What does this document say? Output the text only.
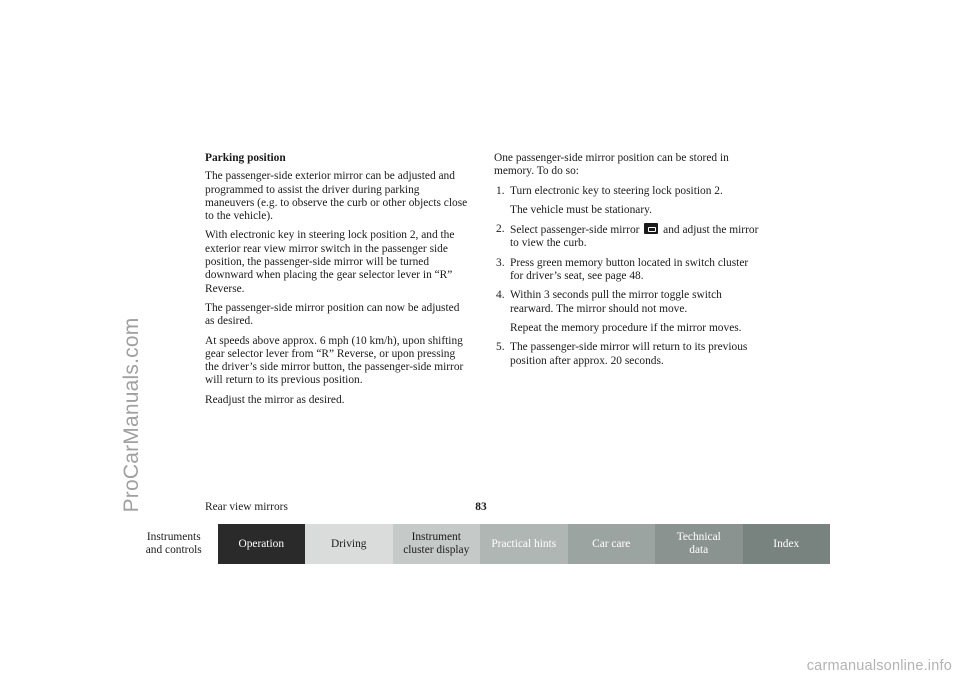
ProCarManuals.com

Parking position

The passenger-side exterior mirror can be adjusted and programmed to assist the driver during parking maneuvers (e.g. to observe the curb or other objects close to the vehicle).

With electronic key in steering lock position 2, and the exterior rear view mirror switch in the passenger side position, the passenger-side mirror will be turned downward when placing the gear selector lever in “R” Reverse.

The passenger-side mirror position can now be adjusted as desired.

At speeds above approx. 6 mph (10 km/h), upon shifting gear selector lever from “R” Reverse, or upon pressing the driver’s side mirror button, the passenger-side mirror will return to its previous position.

Readjust the mirror as desired.

One passenger-side mirror position can be stored in memory. To do so:

1. Turn electronic key to steering lock position 2.

The vehicle must be stationary.

2. Select passenger-side mirror and adjust the mirror to view the curb.

3. Press green memory button located in switch cluster for driver’s seat, see page 48.

4. Within 3 seconds pull the mirror toggle switch rearward. The mirror should not move.

Repeat the memory procedure if the mirror moves.

5. The passenger-side mirror will return to its previous position after approx. 20 seconds.

Rear view mirrors	83
Instruments
and controls
Operation	Driving
Instrument
cluster display
Practical hints	Car care
Technical
data
Index
carmanualsonline.info
